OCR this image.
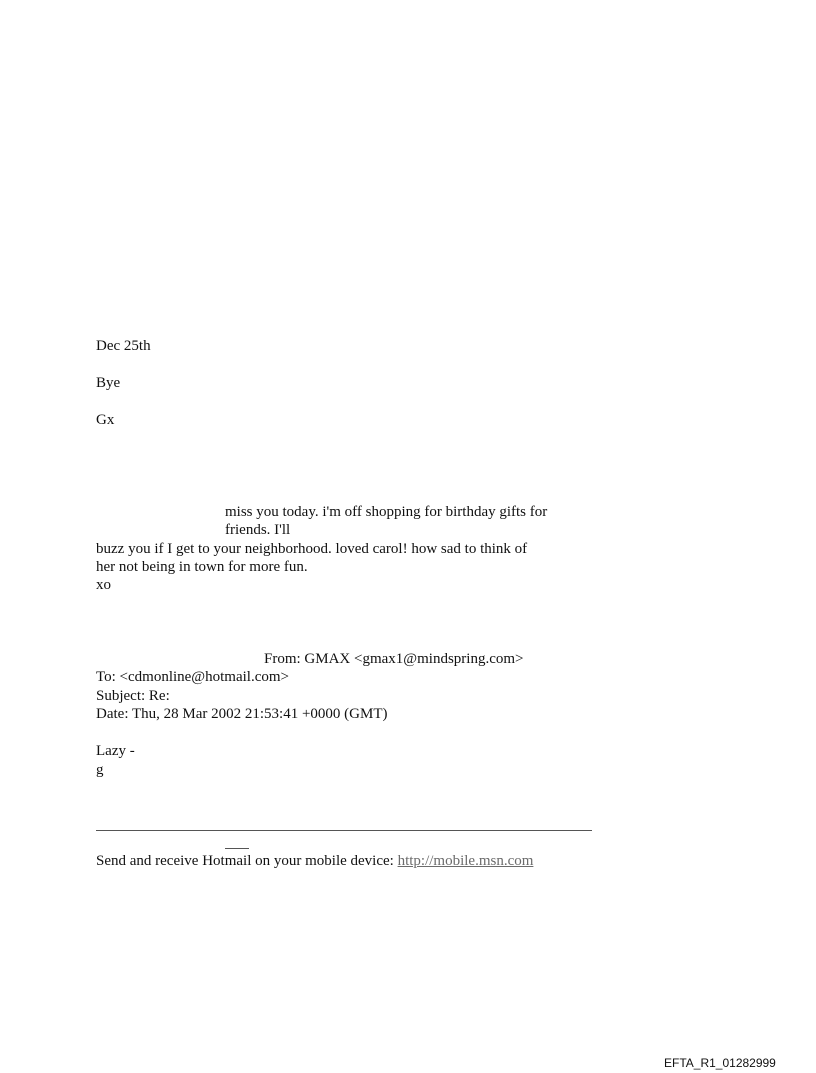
Dec 25th
Bye
Gx
miss you today. i'm off shopping for birthday gifts for
friends. I'll
buzz you if I get to your neighborhood. loved carol! how sad to think of
her not being in town for more fun.
xo
From: GMAX <gmax1@mindspring.com>
To: <cdmonline@hotmail.com>
Subject: Re:
Date: Thu, 28 Mar 2002 21:53:41 +0000 (GMT)
Lazy -
g
Send and receive Hotmail on your mobile device: http://mobile.msn.com
EFTA_R1_01282999
